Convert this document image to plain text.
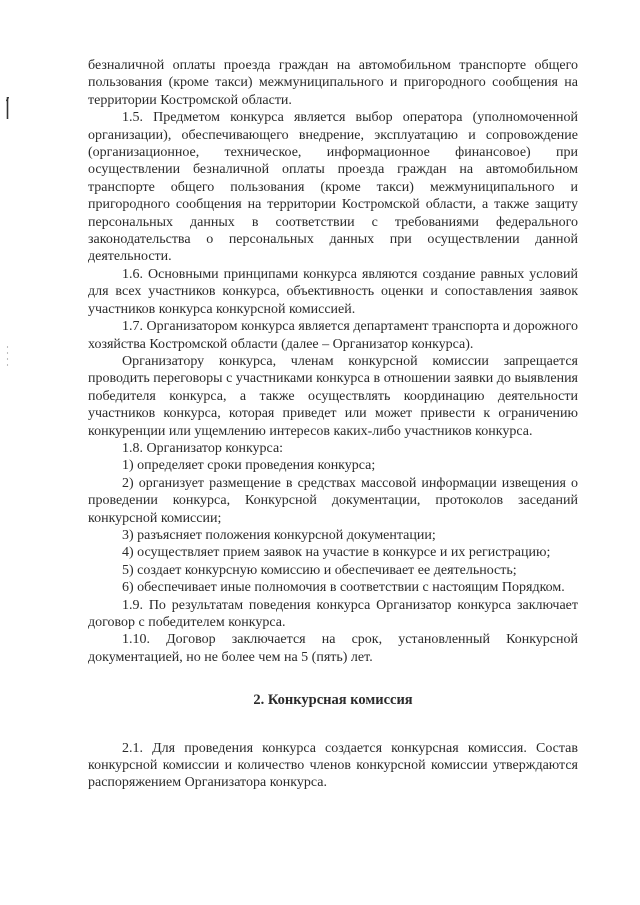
безналичной оплаты проезда граждан на автомобильном транспорте общего пользования (кроме такси) межмуниципального и пригородного сообщения на территории Костромской области.

1.5. Предметом конкурса является выбор оператора (уполномоченной организации), обеспечивающего внедрение, эксплуатацию и сопровождение (организационное, техническое, информационное финансовое) при осуществлении безналичной оплаты проезда граждан на автомобильном транспорте общего пользования (кроме такси) межмуниципального и пригородного сообщения на территории Костромской области, а также защиту персональных данных в соответствии с требованиями федерального законодательства о персональных данных при осуществлении данной деятельности.

1.6. Основными принципами конкурса являются создание равных условий для всех участников конкурса, объективность оценки и сопоставления заявок участников конкурса конкурсной комиссией.

1.7. Организатором конкурса является департамент транспорта и дорожного хозяйства Костромской области (далее – Организатор конкурса).

Организатору конкурса, членам конкурсной комиссии запрещается проводить переговоры с участниками конкурса в отношении заявки до выявления победителя конкурса, а также осуществлять координацию деятельности участников конкурса, которая приведет или может привести к ограничению конкуренции или ущемлению интересов каких-либо участников конкурса.

1.8. Организатор конкурса:

1) определяет сроки проведения конкурса;

2) организует размещение в средствах массовой информации извещения о проведении конкурса, Конкурсной документации, протоколов заседаний конкурсной комиссии;

3) разъясняет положения конкурсной документации;

4) осуществляет прием заявок на участие в конкурсе и их регистрацию;

5) создает конкурсную комиссию и обеспечивает ее деятельность;

6) обеспечивает иные полномочия в соответствии с настоящим Порядком.

1.9. По результатам поведения конкурса Организатор конкурса заключает договор с победителем конкурса.

1.10. Договор заключается на срок, установленный Конкурсной документацией, но не более чем на 5 (пять) лет.

2. Конкурсная комиссия

2.1. Для проведения конкурса создается конкурсная комиссия. Состав конкурсной комиссии и количество членов конкурсной комиссии утверждаются распоряжением Организатора конкурса.
